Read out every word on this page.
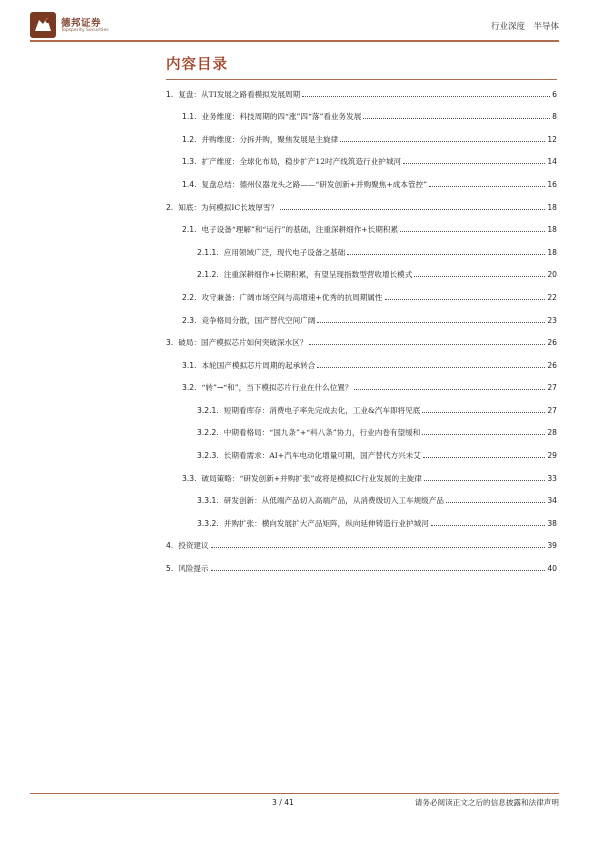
德邦证券
Topsperity Securities	行业深度　半导体
内容目录
1. 复盘：从TI发展之路看模拟发展周期	6
1.1. 业务维度：科技周期的四“涨”四“落”看业务发展	8
1.2. 并购维度：分拆并购，聚焦发展是主旋律	12
1.3. 扩产维度：全球化布局，稳步扩产12吋产线筑造行业护城河	14
1.4. 复盘总结：德州仪器龙头之路——“研发创新+并购聚焦+成本管控”	16
2. 知底：为何模拟IC长坡厚雪？	18
2.1. 电子设备“理解”和“运行”的基础，注重深耕细作+长期积累	18
2.1.1. 应用领域广泛，现代电子设备之基础	18
2.1.2. 注重深耕细作+长期积累，有望呈现指数型营收增长模式	20
2.2. 攻守兼备：广阔市场空间与高增速+优秀的抗周期属性	22
2.3. 竞争格局分散，国产替代空间广阔	23
3. 破局：国产模拟芯片如何突破深水区？	26
3.1. 本轮国产模拟芯片周期的起承转合	26
3.2. “转”→“和”，当下模拟芯片行业在什么位置？	27
3.2.1. 短期看库存：消费电子率先完成去化，工业&汽车即将见底	27
3.2.2. 中期看格局：“国九条”+“科八条”协力，行业内卷有望缓和	28
3.2.3. 长期看需求：AI+汽车电动化增量可期，国产替代方兴未艾	29
3.3. 破局策略：“研发创新+并购扩张”或将是模拟IC行业发展的主旋律	33
3.3.1. 研发创新：从低端产品切入高端产品，从消费级切入工车规级产品	34
3.3.2. 并购扩张：横向发展扩大产品矩阵，纵向延伸铸造行业护城河	38
4. 投资建议	39
5. 风险提示	40
3 / 41	请务必阅读正文之后的信息披露和法律声明
